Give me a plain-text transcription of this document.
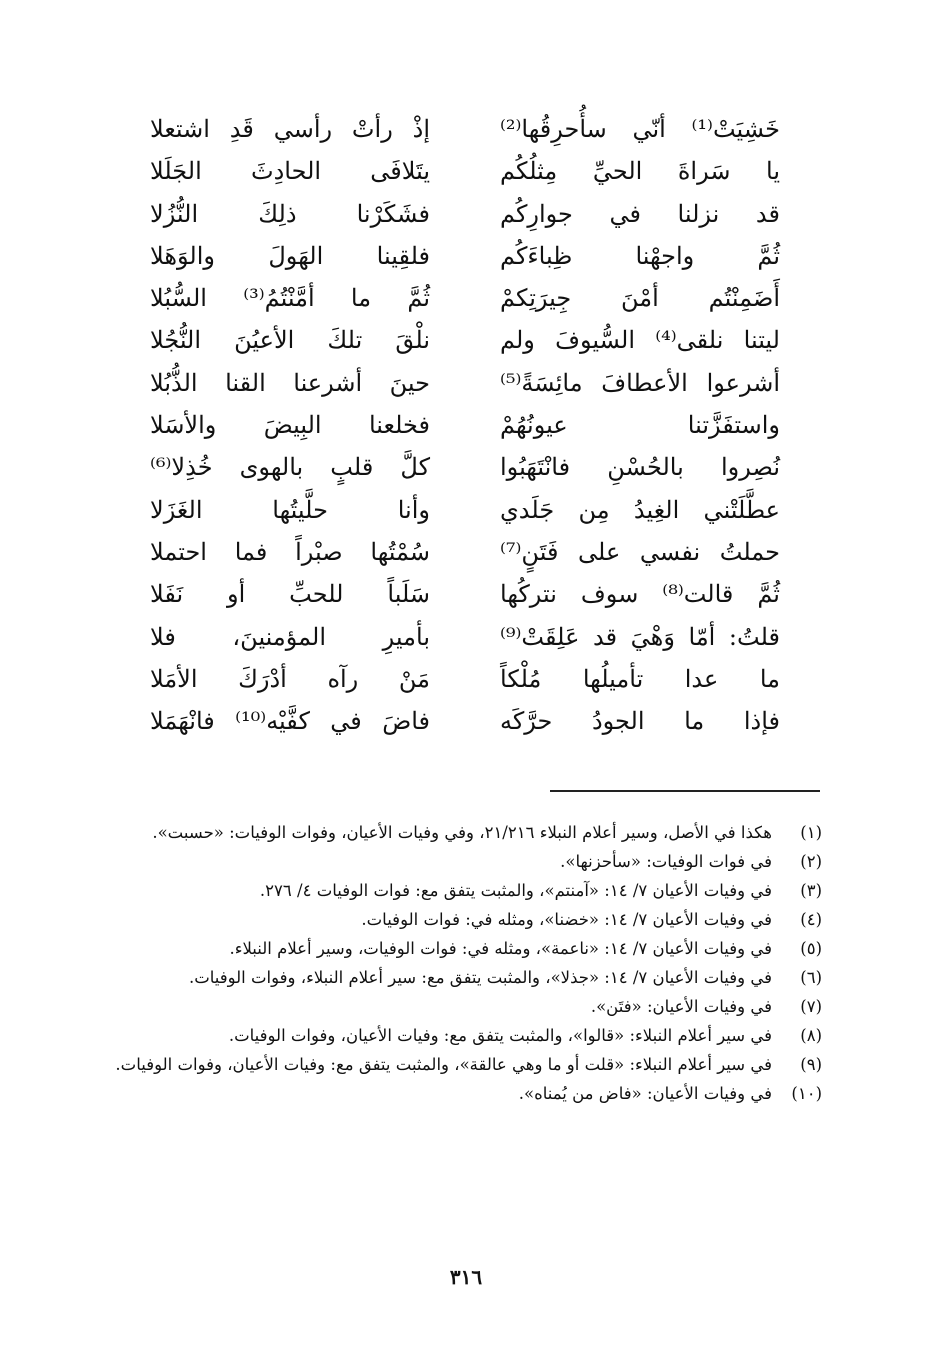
خَشِيَتْ⁽¹⁾ أنّي سأُحرِقُها⁽²⁾
إذْ رأتْ رأسي قَدِ اشتعلا
يا سَراةَ الحيِّ مِثلُكُم
يتَلافَى الحادِثَ الجَلَلا
قد نزلنا في جوارِكُم
فشَكَرْنا ذلِكَ النُّزُلا
ثُمَّ واجهْنا ظِباءَكُم
فلقِينا الهَولَ والوَهَلا
أَضَمِنْتُم أمْنَ جِيرَتِكمْ
ثُمَّ ما أمَّنْتُمُ⁽³⁾ السُّبُلا
ليتنا نلقى⁽⁴⁾ السُّيوفَ ولم
نلْقَ تلكَ الأعيُنَ النُّجُلا
أشرعوا الأعطافَ مائِسَةً⁽⁵⁾
حينَ أشرعنا القنا الذُّبُلا
واستفَزَّتنا عيونُهُمْ
فخلعنا البِيضَ والأسَلا
نُصِروا بالحُسْنِ فانْتَهَبُوا
كلَّ قلبٍ بالهوى خُذِلا⁽⁶⁾
عطَّلَتْني الغِيدُ مِن جَلَدي
وأنا حلَّيتُها الغَزَلا
حملتُ نفسي على فَتَنٍ⁽⁷⁾
سُمْتُها صبْراً فما احتملا
ثُمَّ قالت⁽⁸⁾ سوف نتركُها
سَلَباً للحبِّ أو نَفَلا
قلتُ: أمّا وَهْيَ قد عَلِقَتْ⁽⁹⁾
بأميرِ المؤمنينَ، فلا
ما عدا تأميلُها مُلْكاً
مَنْ رآه أدْرَكَ الأمَلا
فإذا ما الجودُ حرَّكَه
فاضَ في كفَّيْه⁽¹⁰⁾ فانْهَمَلا
(١)
هكذا في الأصل، وسير أعلام النبلاء ٢١/٢١٦، وفي وفيات الأعيان، وفوات الوفيات: «حسبت».
(٢)
في فوات الوفيات: «سأحزنها».
(٣)
في وفيات الأعيان ٧/ ١٤: «آمنتم»، والمثبت يتفق مع: فوات الوفيات ٤/ ٢٧٦.
(٤)
في وفيات الأعيان ٧/ ١٤: «خضنا»، ومثله في: فوات الوفيات.
(٥)
في وفيات الأعيان ٧/ ١٤: «ناعمة»، ومثله في: فوات الوفيات، وسير أعلام النبلاء.
(٦)
في وفيات الأعيان ٧/ ١٤: «جذلا»، والمثبت يتفق مع: سير أعلام النبلاء، وفوات الوفيات.
(٧)
في وفيات الأعيان: «فتَن».
(٨)
في سير أعلام النبلاء: «قالوا»، والمثبت يتفق مع: وفيات الأعيان، وفوات الوفيات.
(٩)
في سير أعلام النبلاء: «قلت أو ما وهي عالقة»، والمثبت يتفق مع: وفيات الأعيان، وفوات الوفيات.
(١٠)
في وفيات الأعيان: «فاض من يُمناه».
٣١٦
